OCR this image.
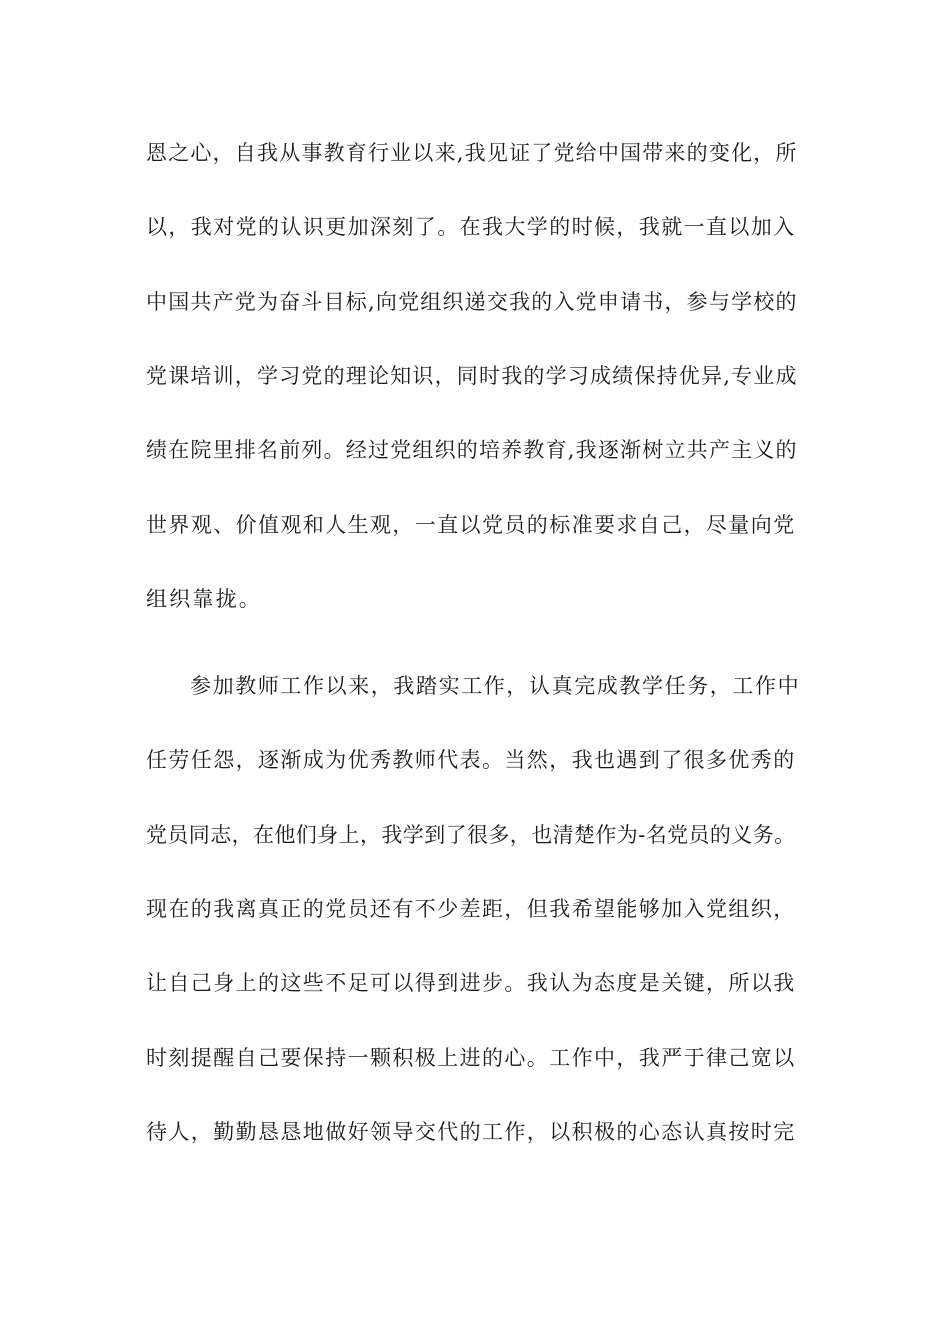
恩之心，自我从事教育行业以来,我见证了党给中国带来的变化，所
以，我对党的认识更加深刻了。在我大学的时候，我就一直以加入
中国共产党为奋斗目标,向党组织递交我的入党申请书，参与学校的
党课培训，学习党的理论知识，同时我的学习成绩保持优异,专业成
绩在院里排名前列。经过党组织的培养教育,我逐渐树立共产主义的
世界观、价值观和人生观，一直以党员的标准要求自己，尽量向党
组织靠拢。
参加教师工作以来，我踏实工作，认真完成教学任务，工作中
任劳任怨，逐渐成为优秀教师代表。当然，我也遇到了很多优秀的
党员同志，在他们身上，我学到了很多，也清楚作为-名党员的义务。
现在的我离真正的党员还有不少差距，但我希望能够加入党组织，
让自己身上的这些不足可以得到进步。我认为态度是关键，所以我
时刻提醒自己要保持一颗积极上进的心。工作中，我严于律己宽以
待人，勤勤恳恳地做好领导交代的工作，以积极的心态认真按时完
